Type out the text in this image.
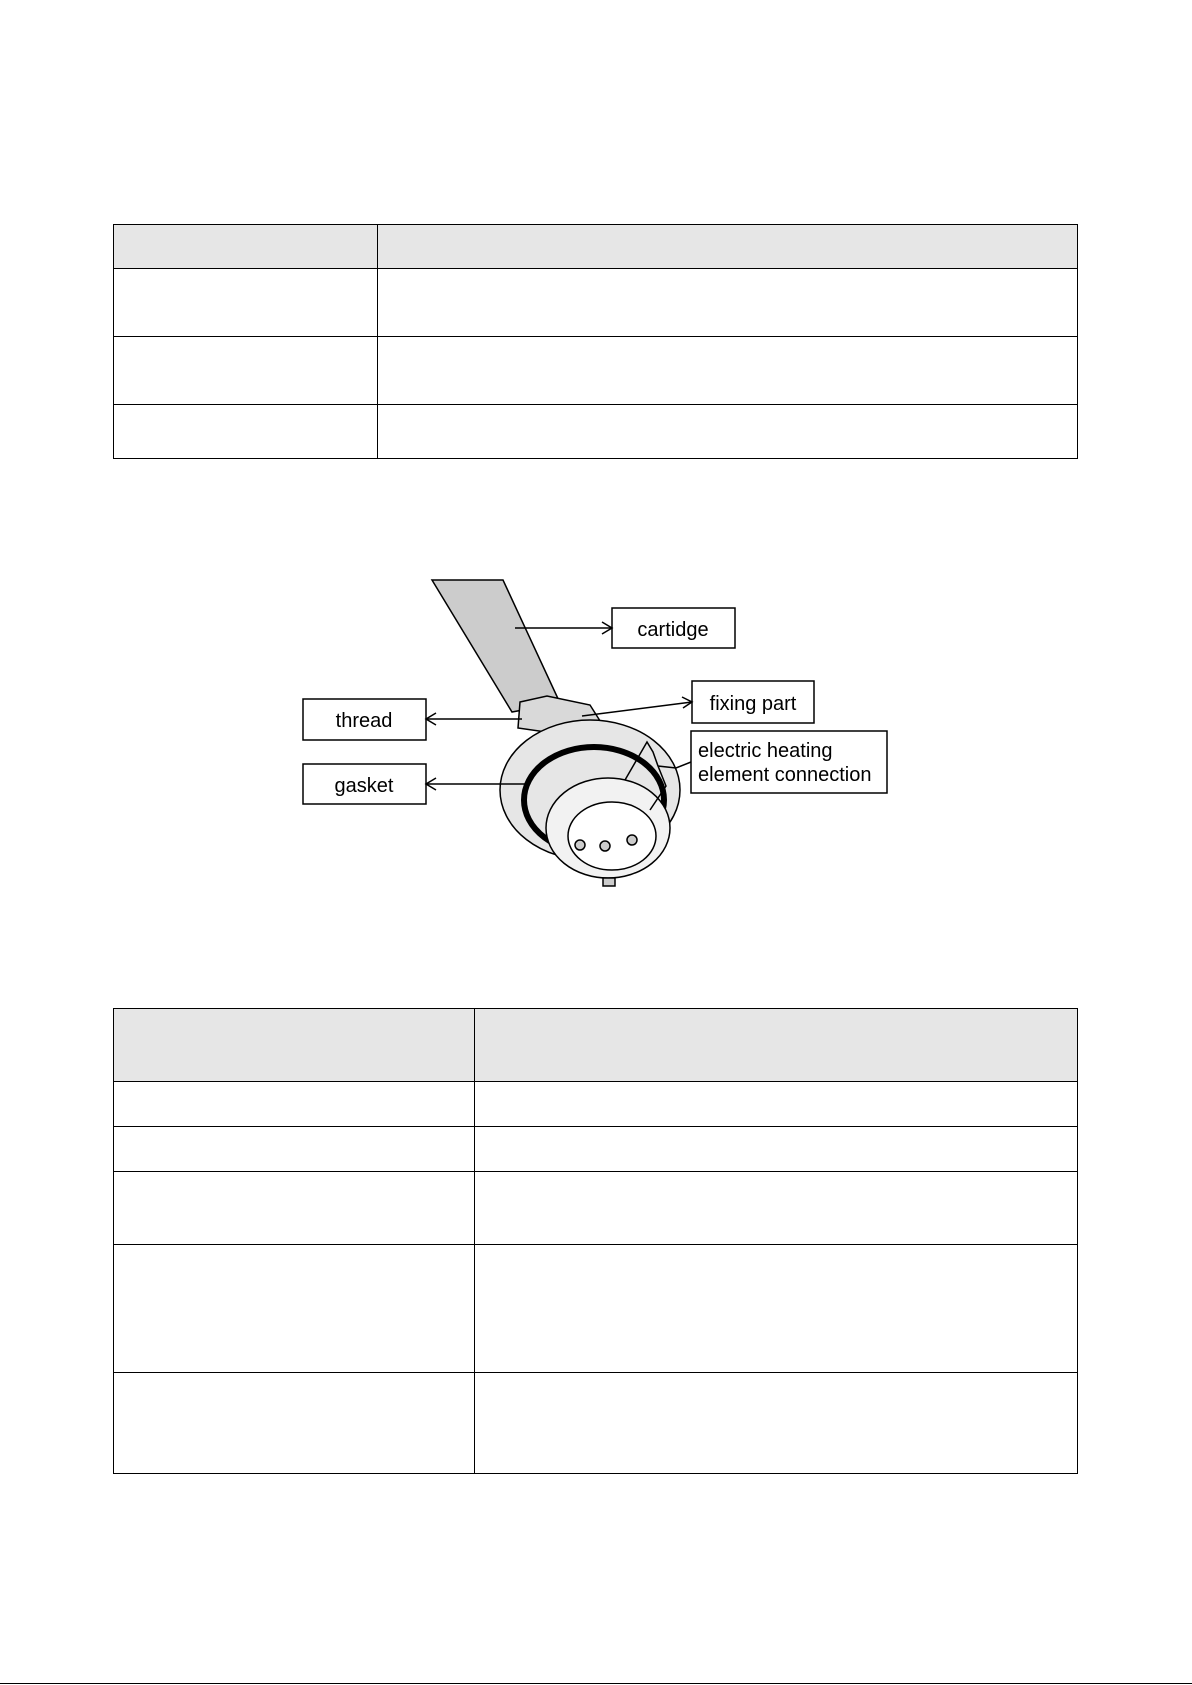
cartidge
fixing part
thread
electric heating
element connection
gasket
